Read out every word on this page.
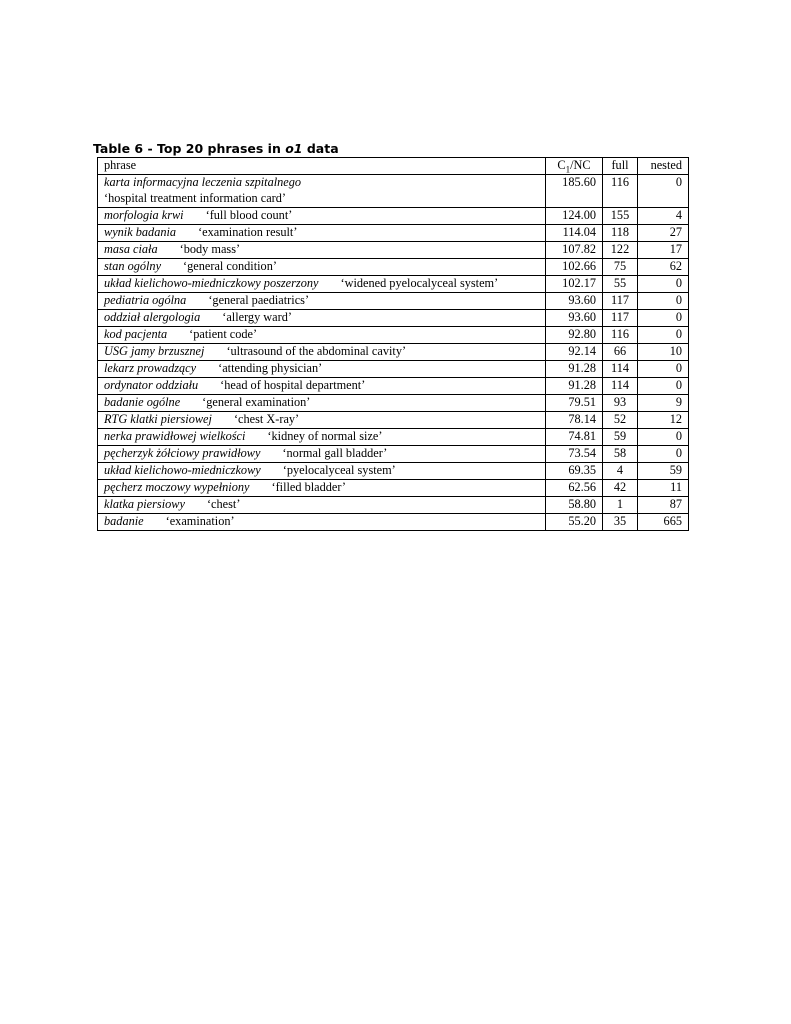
Table 6 - Top 20 phrases in o1 data
phrase	$C_1/NC$	full	nested
karta informacyjna leczenia szpitalnego	185.60	116	0
‘hospital treatment information card’			
morfologia krwi ‘full blood count’	124.00	155	4
wynik badania ‘examination result’	114.04	118	27
masa ciała ‘body mass’	107.82	122	17
stan ogólny ‘general condition’	102.66	75	62
układ kielichowo-miedniczkowy poszerzony ‘widened pyelocalyceal system’	102.17	55	0
pediatria ogólna ‘general paediatrics’	93.60	117	0
oddział alergologia ‘allergy ward’	93.60	117	0
kod pacjenta ‘patient code’	92.80	116	0
USG jamy brzusznej ‘ultrasound of the abdominal cavity’	92.14	66	10
lekarz prowadzący ‘attending physician’	91.28	114	0
ordynator oddziału ‘head of hospital department’	91.28	114	0
badanie ogólne ‘general examination’	79.51	93	9
RTG klatki piersiowej ‘chest X-ray’	78.14	52	12
nerka prawidłowej wielkości ‘kidney of normal size’	74.81	59	0
pęcherzyk żółciowy prawidłowy ‘normal gall bladder’	73.54	58	0
układ kielichowo-miedniczkowy ‘pyelocalyceal system’	69.35	4	59
pęcherz moczowy wypełniony ‘filled bladder’	62.56	42	11
klatka piersiowy ‘chest’	58.80	1	87
badanie ‘examination’	55.20	35	665
